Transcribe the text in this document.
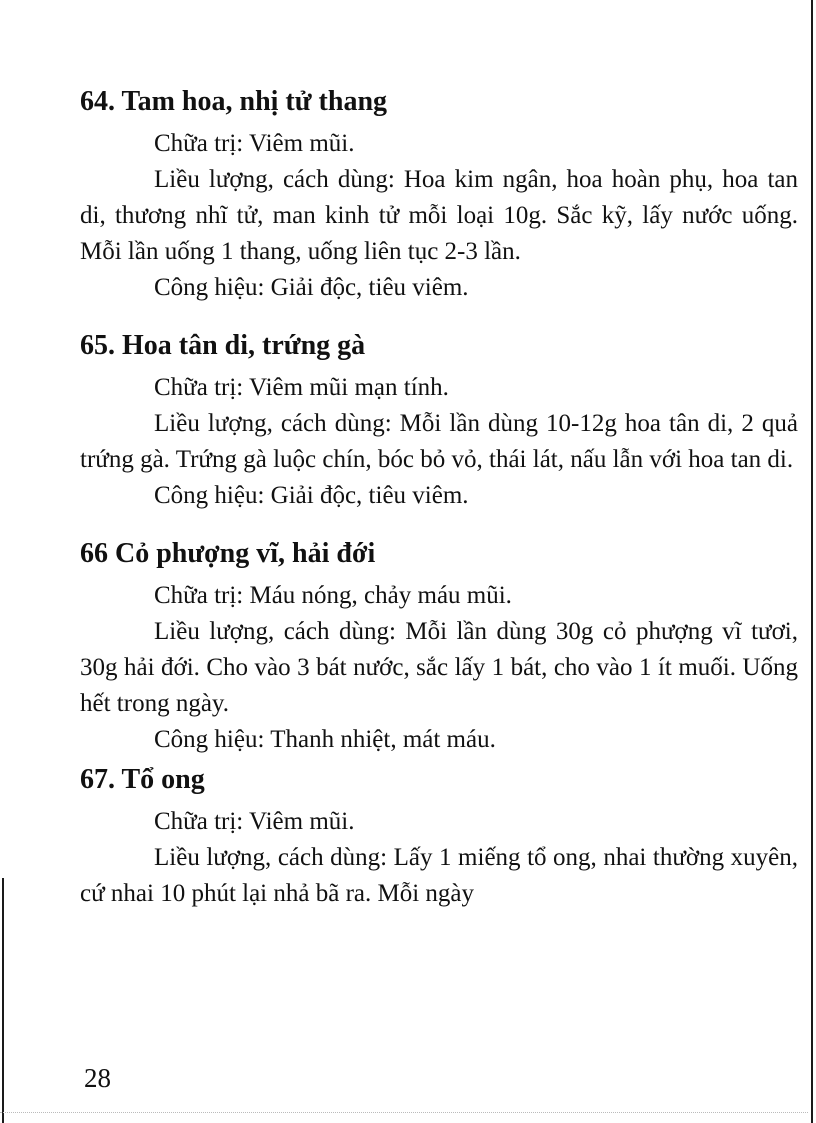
64. Tam hoa, nhị tử thang

Chữa trị: Viêm mũi.

Liều lượng, cách dùng: Hoa kim ngân, hoa hoàn phụ, hoa tan di, thương nhĩ tử, man kinh tử mỗi loại 10g. Sắc kỹ, lấy nước uống. Mỗi lần uống 1 thang, uống liên tục 2-3 lần.

Công hiệu: Giải độc, tiêu viêm.

65. Hoa tân di, trứng gà

Chữa trị: Viêm mũi mạn tính.

Liều lượng, cách dùng: Mỗi lần dùng 10-12g hoa tân di, 2 quả trứng gà. Trứng gà luộc chín, bóc bỏ vỏ, thái lát, nấu lẫn với hoa tan di.

Công hiệu: Giải độc, tiêu viêm.

66 Cỏ phượng vĩ, hải đới

Chữa trị: Máu nóng, chảy máu mũi.

Liều lượng, cách dùng: Mỗi lần dùng 30g cỏ phượng vĩ tươi, 30g hải đới. Cho vào 3 bát nước, sắc lấy 1 bát, cho vào 1 ít muối. Uống hết trong ngày.

Công hiệu: Thanh nhiệt, mát máu.

67. Tổ ong

Chữa trị: Viêm mũi.

Liều lượng, cách dùng: Lấy 1 miếng tổ ong, nhai thường xuyên, cứ nhai 10 phút lại nhả bã ra. Mỗi ngày

28
